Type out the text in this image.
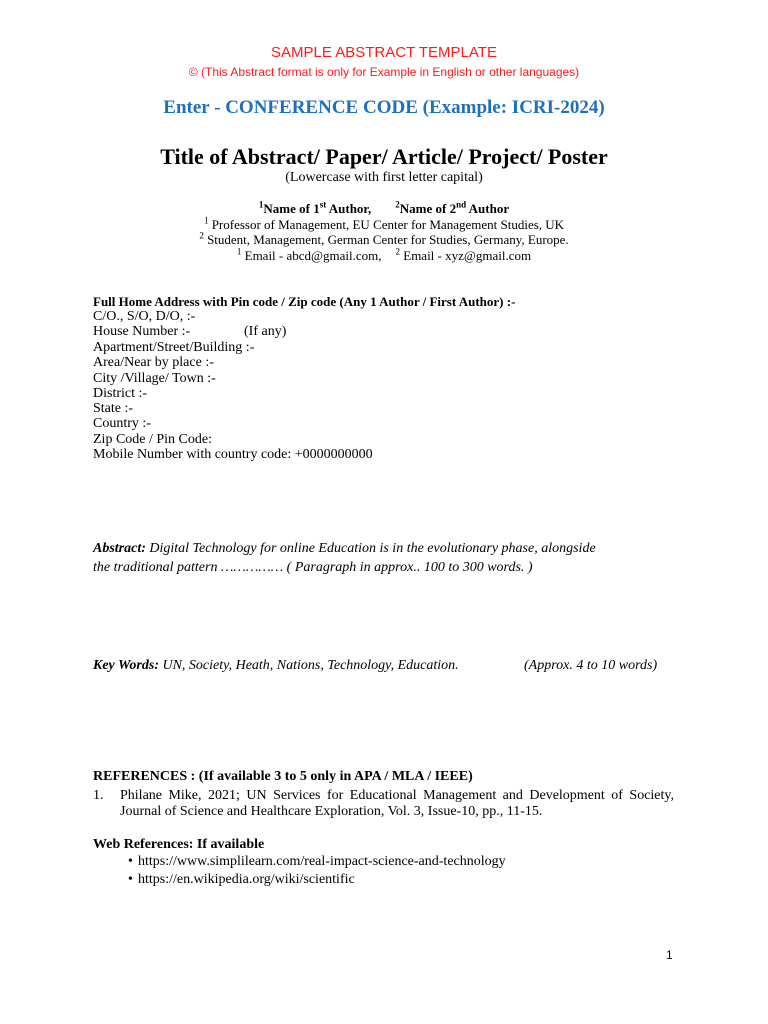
SAMPLE ABSTRACT TEMPLATE
© (This Abstract format is only for Example in English or other languages)
Enter - CONFERENCE CODE (Example: ICRI-2024)
Title of Abstract/ Paper/ Article/ Project/ Poster
(Lowercase with first letter capital)
$^1$Name of 1st Author,	$^2$Name of 2nd Author
$^1$ Professor of Management, EU Center for Management Studies, UK
$^2$ Student, Management, German Center for Studies, Germany, Europe.
$^1$ Email - abcd@gmail.com, $^2$ Email - xyz@gmail.com
Full Home Address with Pin code / Zip code (Any 1 Author / First Author) :-
C/O., S/O, D/O, :-
House Number :-	(If any)
Apartment/Street/Building :-
Area/Near by place :-
City /Village/ Town :-
District :-
State :-
Country :-
Zip Code / Pin Code:
Mobile Number with country code: +0000000000
Abstract: Digital Technology for online Education is in the evolutionary phase, alongside
the traditional pattern …………… ( Paragraph in approx.. 100 to 300 words. )
Key Words: UN, Society, Heath, Nations, Technology, Education.	(Approx. 4 to 10 words)
REFERENCES : (If available 3 to 5 only in APA / MLA / IEEE)
1. Philane Mike, 2021; UN Services for Educational Management and Development of Society, Journal of Science and Healthcare Exploration, Vol. 3, Issue-10, pp., 11-15.
Web References: If available
• https://www.simplilearn.com/real-impact-science-and-technology
• https://en.wikipedia.org/wiki/scientific
1
